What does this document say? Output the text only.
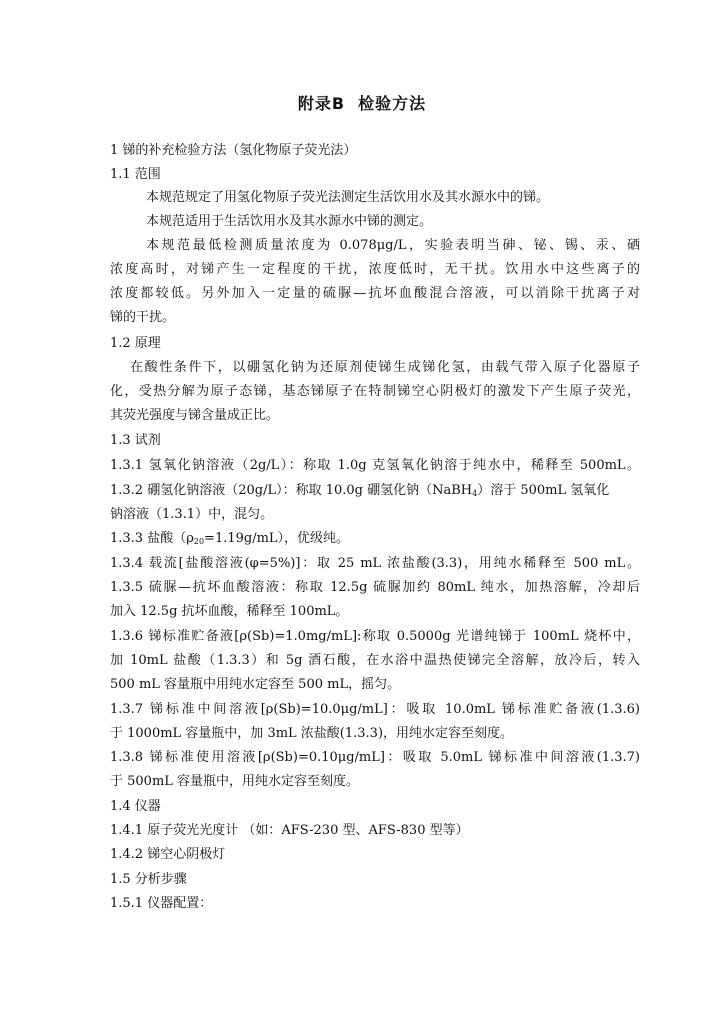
附录B  检验方法
1 锑的补充检验方法（氢化物原子荧光法）
1.1 范围
本规范规定了用氢化物原子荧光法测定生活饮用水及其水源水中的锑。
本规范适用于生活饮用水及其水源水中锑的测定。
本规范最低检测质量浓度为 0.078μg/L，实验表明当砷、铋、锡、汞、硒
浓度高时，对锑产生一定程度的干扰，浓度低时，无干扰。饮用水中这些离子的
浓度都较低。另外加入一定量的硫脲—抗坏血酸混合溶液，可以消除干扰离子对
锑的干扰。
1.2 原理
在酸性条件下，以硼氢化钠为还原剂使锑生成锑化氢，由载气带入原子化器原子
化，受热分解为原子态锑，基态锑原子在特制锑空心阴极灯的激发下产生原子荧光，
其荧光强度与锑含量成正比。
1.3 试剂
1.3.1 氢氧化钠溶液（2g/L）：称取 1.0g 克氢氧化钠溶于纯水中，稀释至 500mL。
1.3.2 硼氢化钠溶液（20g/L）：称取 10.0g 硼氢化钠（NaBH$_4$）溶于 500mL 氢氧化
钠溶液（1.3.1）中，混匀。
1.3.3 盐酸$(\rho_{20}=1.19g/mL)$，优级纯。
1.3.4 载流[盐酸溶液(φ=5%)]：取 25 mL 浓盐酸(3.3)，用纯水稀释至 500 mL。
1.3.5 硫脲—抗坏血酸溶液：称取 12.5g 硫脲加约 80mL 纯水，加热溶解，冷却后
加入 12.5g 抗坏血酸，稀释至 100mL。
1.3.6 锑标准贮备液[ρ(Sb)=1.0mg/mL]:称取 0.5000g 光谱纯锑于 100mL 烧杯中，
加 10mL 盐酸（1.3.3）和 5g 酒石酸，在水浴中温热使锑完全溶解，放冷后，转入
500 mL 容量瓶中用纯水定容至 500 mL，摇匀。
1.3.7 锑标准中间溶液[ρ(Sb)=10.0μg/mL]：吸取 10.0mL 锑标准贮备液(1.3.6)
于 1000mL 容量瓶中，加 3mL 浓盐酸(1.3.3)，用纯水定容至刻度。
1.3.8 锑标准使用溶液[ρ(Sb)=0.10μg/mL]：吸取 5.0mL 锑标准中间溶液(1.3.7)
于 500mL 容量瓶中，用纯水定容至刻度。
1.4 仪器
1.4.1 原子荧光光度计 （如：AFS-230 型、AFS-830 型等）
1.4.2 锑空心阴极灯
1.5 分析步骤
1.5.1 仪器配置：
